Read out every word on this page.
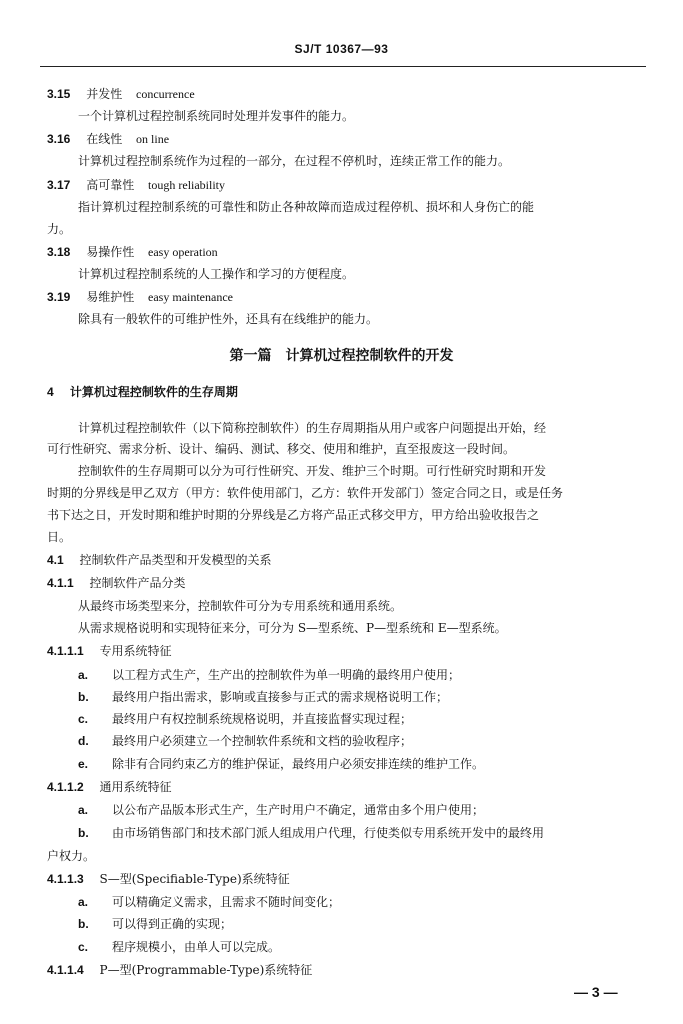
SJ/T 10367—93
3.15 并发性 concurrence
一个计算机过程控制系统同时处理并发事件的能力。
3.16 在线性 on line
计算机过程控制系统作为过程的一部分，在过程不停机时，连续正常工作的能力。
3.17 高可靠性 tough reliability
指计算机过程控制系统的可靠性和防止各种故障而造成过程停机、损坏和人身伤亡的能
力。
3.18 易操作性 easy operation
计算机过程控制系统的人工操作和学习的方便程度。
3.19 易维护性 easy maintenance
除具有一般软件的可维护性外，还具有在线维护的能力。
第一篇　计算机过程控制软件的开发
4 计算机过程控制软件的生存周期
计算机过程控制软件（以下简称控制软件）的生存周期指从用户或客户问题提出开始，经
可行性研究、需求分析、设计、编码、测试、移交、使用和维护，直至报废这一段时间。
控制软件的生存周期可以分为可行性研究、开发、维护三个时期。可行性研究时期和开发
时期的分界线是甲乙双方（甲方：软件使用部门，乙方：软件开发部门）签定合同之日，或是任务
书下达之日，开发时期和维护时期的分界线是乙方将产品正式移交甲方，甲方给出验收报告之
日。
4.1 控制软件产品类型和开发模型的关系
4.1.1 控制软件产品分类
从最终市场类型来分，控制软件可分为专用系统和通用系统。
从需求规格说明和实现特征来分，可分为 S—型系统、P—型系统和 E—型系统。
4.1.1.1 专用系统特征
a. 以工程方式生产，生产出的控制软件为单一明确的最终用户使用；
b. 最终用户指出需求，影响或直接参与正式的需求规格说明工作；
c. 最终用户有权控制系统规格说明，并直接监督实现过程；
d. 最终用户必须建立一个控制软件系统和文档的验收程序；
e. 除非有合同约束乙方的维护保证，最终用户必须安排连续的维护工作。
4.1.1.2 通用系统特征
a. 以公布产品版本形式生产，生产时用户不确定，通常由多个用户使用；
b. 由市场销售部门和技术部门派人组成用户代理，行使类似专用系统开发中的最终用
户权力。
4.1.1.3 S—型(Specifiable-Type)系统特征
a. 可以精确定义需求，且需求不随时间变化；
b. 可以得到正确的实现；
c. 程序规模小，由单人可以完成。
4.1.1.4 P—型(Programmable-Type)系统特征
— 3 —
